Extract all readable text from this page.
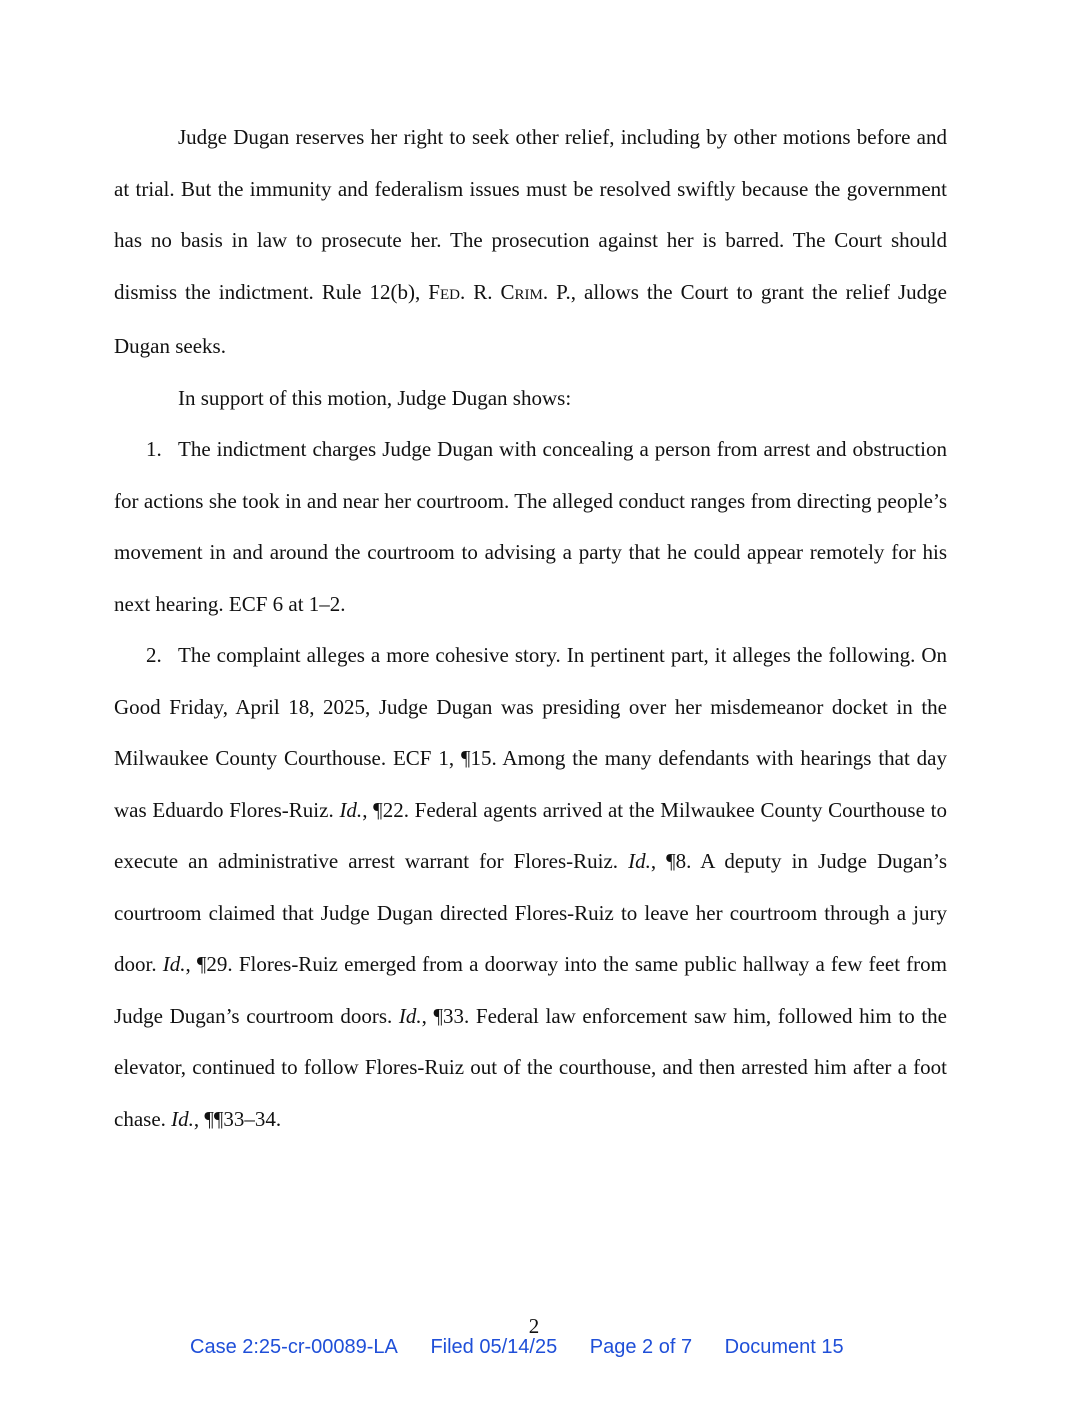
Judge Dugan reserves her right to seek other relief, including by other motions before and at trial. But the immunity and federalism issues must be resolved swiftly because the government has no basis in law to prosecute her. The prosecution against her is barred. The Court should dismiss the indictment. Rule 12(b), FED. R. CRIM. P., allows the Court to grant the relief Judge Dugan seeks.

In support of this motion, Judge Dugan shows:

1. The indictment charges Judge Dugan with concealing a person from arrest and obstruction for actions she took in and near her courtroom. The alleged conduct ranges from directing people’s movement in and around the courtroom to advising a party that he could appear remotely for his next hearing. ECF 6 at 1–2.

2. The complaint alleges a more cohesive story. In pertinent part, it alleges the following. On Good Friday, April 18, 2025, Judge Dugan was presiding over her misdemeanor docket in the Milwaukee County Courthouse. ECF 1, ¶15. Among the many defendants with hearings that day was Eduardo Flores-Ruiz. Id., ¶22. Federal agents arrived at the Milwaukee County Courthouse to execute an administrative arrest warrant for Flores-Ruiz. Id., ¶8. A deputy in Judge Dugan’s courtroom claimed that Judge Dugan directed Flores-Ruiz to leave her courtroom through a jury door. Id., ¶29. Flores-Ruiz emerged from a doorway into the same public hallway a few feet from Judge Dugan’s courtroom doors. Id., ¶33. Federal law enforcement saw him, followed him to the elevator, continued to follow Flores-Ruiz out of the courthouse, and then arrested him after a foot chase. Id., ¶¶33–34.

2
Case 2:25-cr-00089-LA Filed 05/14/25 Page 2 of 7 Document 15
